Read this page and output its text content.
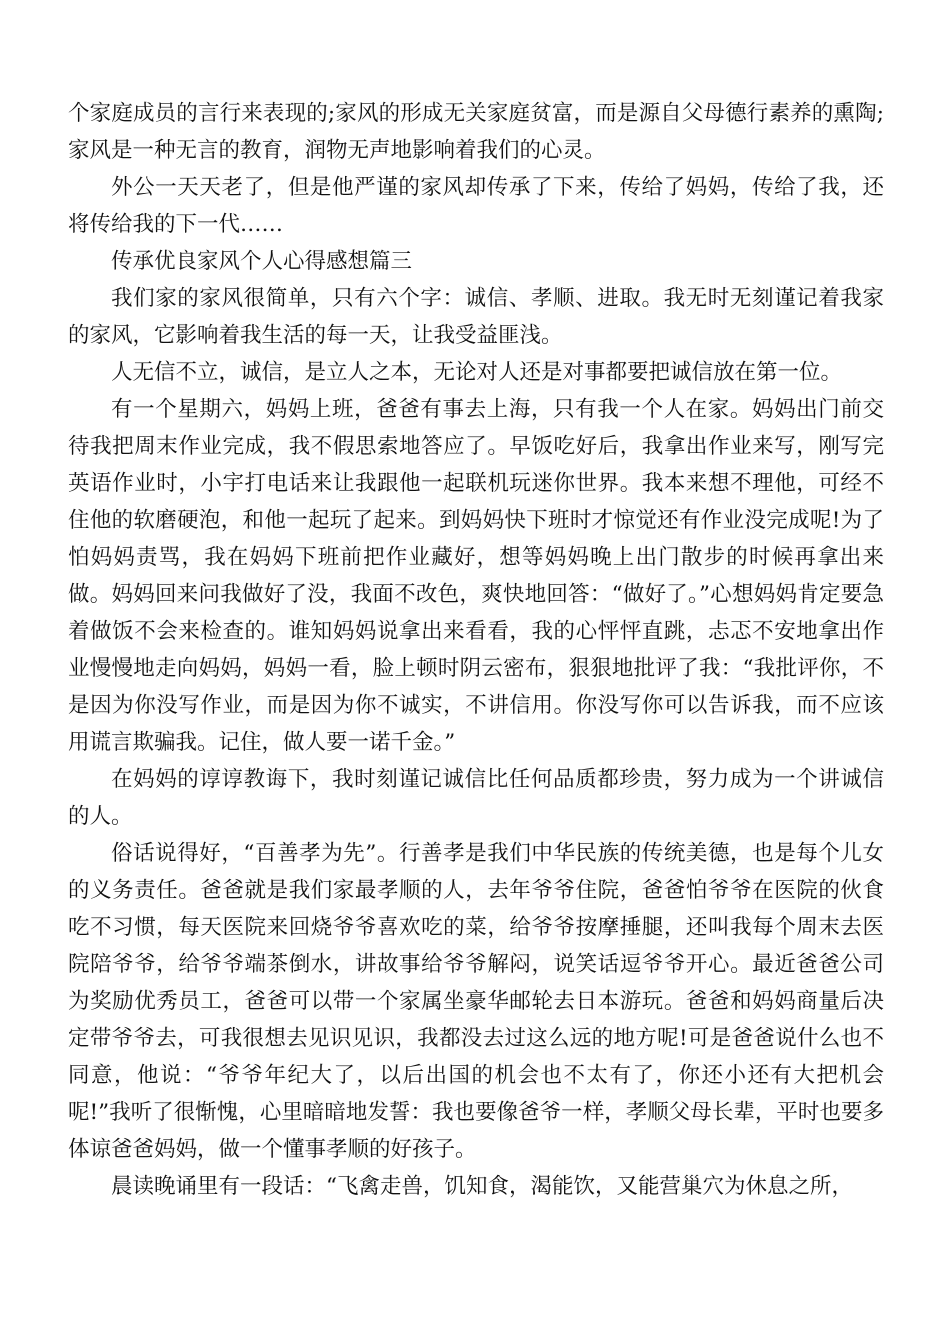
个家庭成员的言行来表现的;家风的形成无关家庭贫富，而是源自父母德行素养的熏陶;家风是一种无言的教育，润物无声地影响着我们的心灵。

外公一天天老了，但是他严谨的家风却传承了下来，传给了妈妈，传给了我，还将传给我的下一代……

传承优良家风个人心得感想篇三

我们家的家风很简单，只有六个字：诚信、孝顺、进取。我无时无刻谨记着我家的家风，它影响着我生活的每一天，让我受益匪浅。

人无信不立，诚信，是立人之本，无论对人还是对事都要把诚信放在第一位。

有一个星期六，妈妈上班，爸爸有事去上海，只有我一个人在家。妈妈出门前交待我把周末作业完成，我不假思索地答应了。早饭吃好后，我拿出作业来写，刚写完英语作业时，小宇打电话来让我跟他一起联机玩迷你世界。我本来想不理他，可经不住他的软磨硬泡，和他一起玩了起来。到妈妈快下班时才惊觉还有作业没完成呢!为了怕妈妈责骂，我在妈妈下班前把作业藏好，想等妈妈晚上出门散步的时候再拿出来做。妈妈回来问我做好了没，我面不改色，爽快地回答：“做好了。”心想妈妈肯定要急着做饭不会来检查的。谁知妈妈说拿出来看看，我的心怦怦直跳，忐忑不安地拿出作业慢慢地走向妈妈，妈妈一看，脸上顿时阴云密布，狠狠地批评了我：“我批评你，不是因为你没写作业，而是因为你不诚实，不讲信用。你没写你可以告诉我，而不应该用谎言欺骗我。记住，做人要一诺千金。”

在妈妈的谆谆教诲下，我时刻谨记诚信比任何品质都珍贵，努力成为一个讲诚信的人。

俗话说得好，“百善孝为先”。行善孝是我们中华民族的传统美德，也是每个儿女的义务责任。爸爸就是我们家最孝顺的人，去年爷爷住院，爸爸怕爷爷在医院的伙食吃不习惯，每天医院来回烧爷爷喜欢吃的菜，给爷爷按摩捶腿，还叫我每个周末去医院陪爷爷，给爷爷端茶倒水，讲故事给爷爷解闷，说笑话逗爷爷开心。最近爸爸公司为奖励优秀员工，爸爸可以带一个家属坐豪华邮轮去日本游玩。爸爸和妈妈商量后决定带爷爷去，可我很想去见识见识，我都没去过这么远的地方呢!可是爸爸说什么也不同意，他说：“爷爷年纪大了，以后出国的机会也不太有了，你还小还有大把机会呢!”我听了很惭愧，心里暗暗地发誓：我也要像爸爷一样，孝顺父母长辈，平时也要多体谅爸爸妈妈，做一个懂事孝顺的好孩子。

晨读晚诵里有一段话：“飞禽走兽，饥知食，渴能饮，又能营巢穴为休息之所，
